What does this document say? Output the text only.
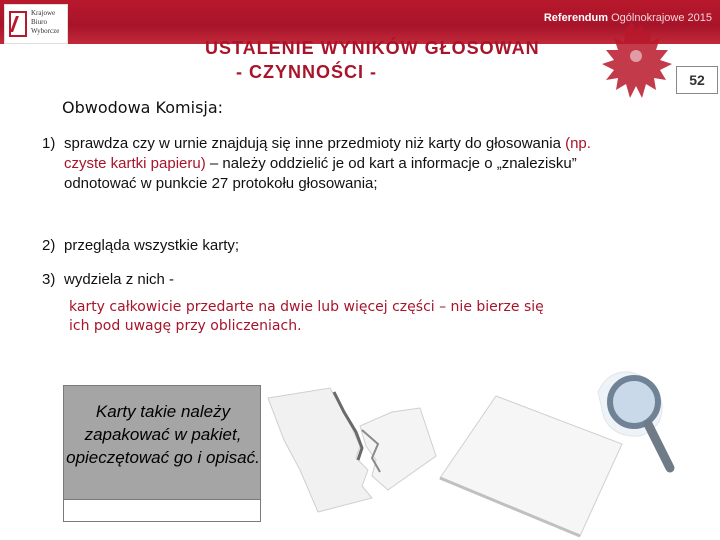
Krajowe
Biuro
Wyborcze
Referendum Ogólnokrajowe 2015
52
USTALENIE WYNIKÓW GŁOSOWAN
- CZYNNOŚCI -
Obwodowa Komisja:
1) sprawdza czy w urnie znajdują się inne przedmioty niż karty do głosowania (np. czyste kartki papieru) – należy oddzielić je od kart a informacje o „znalezisku” odnotować w punkcie 27 protokołu głosowania;
2) przegląda wszystkie karty;
3) wydziela z nich -
karty całkowicie przedarte na dwie lub więcej części – nie bierze się ich pod uwagę przy obliczeniach.
Karty takie należy zapakować w pakiet, opieczętować go i opisać.
